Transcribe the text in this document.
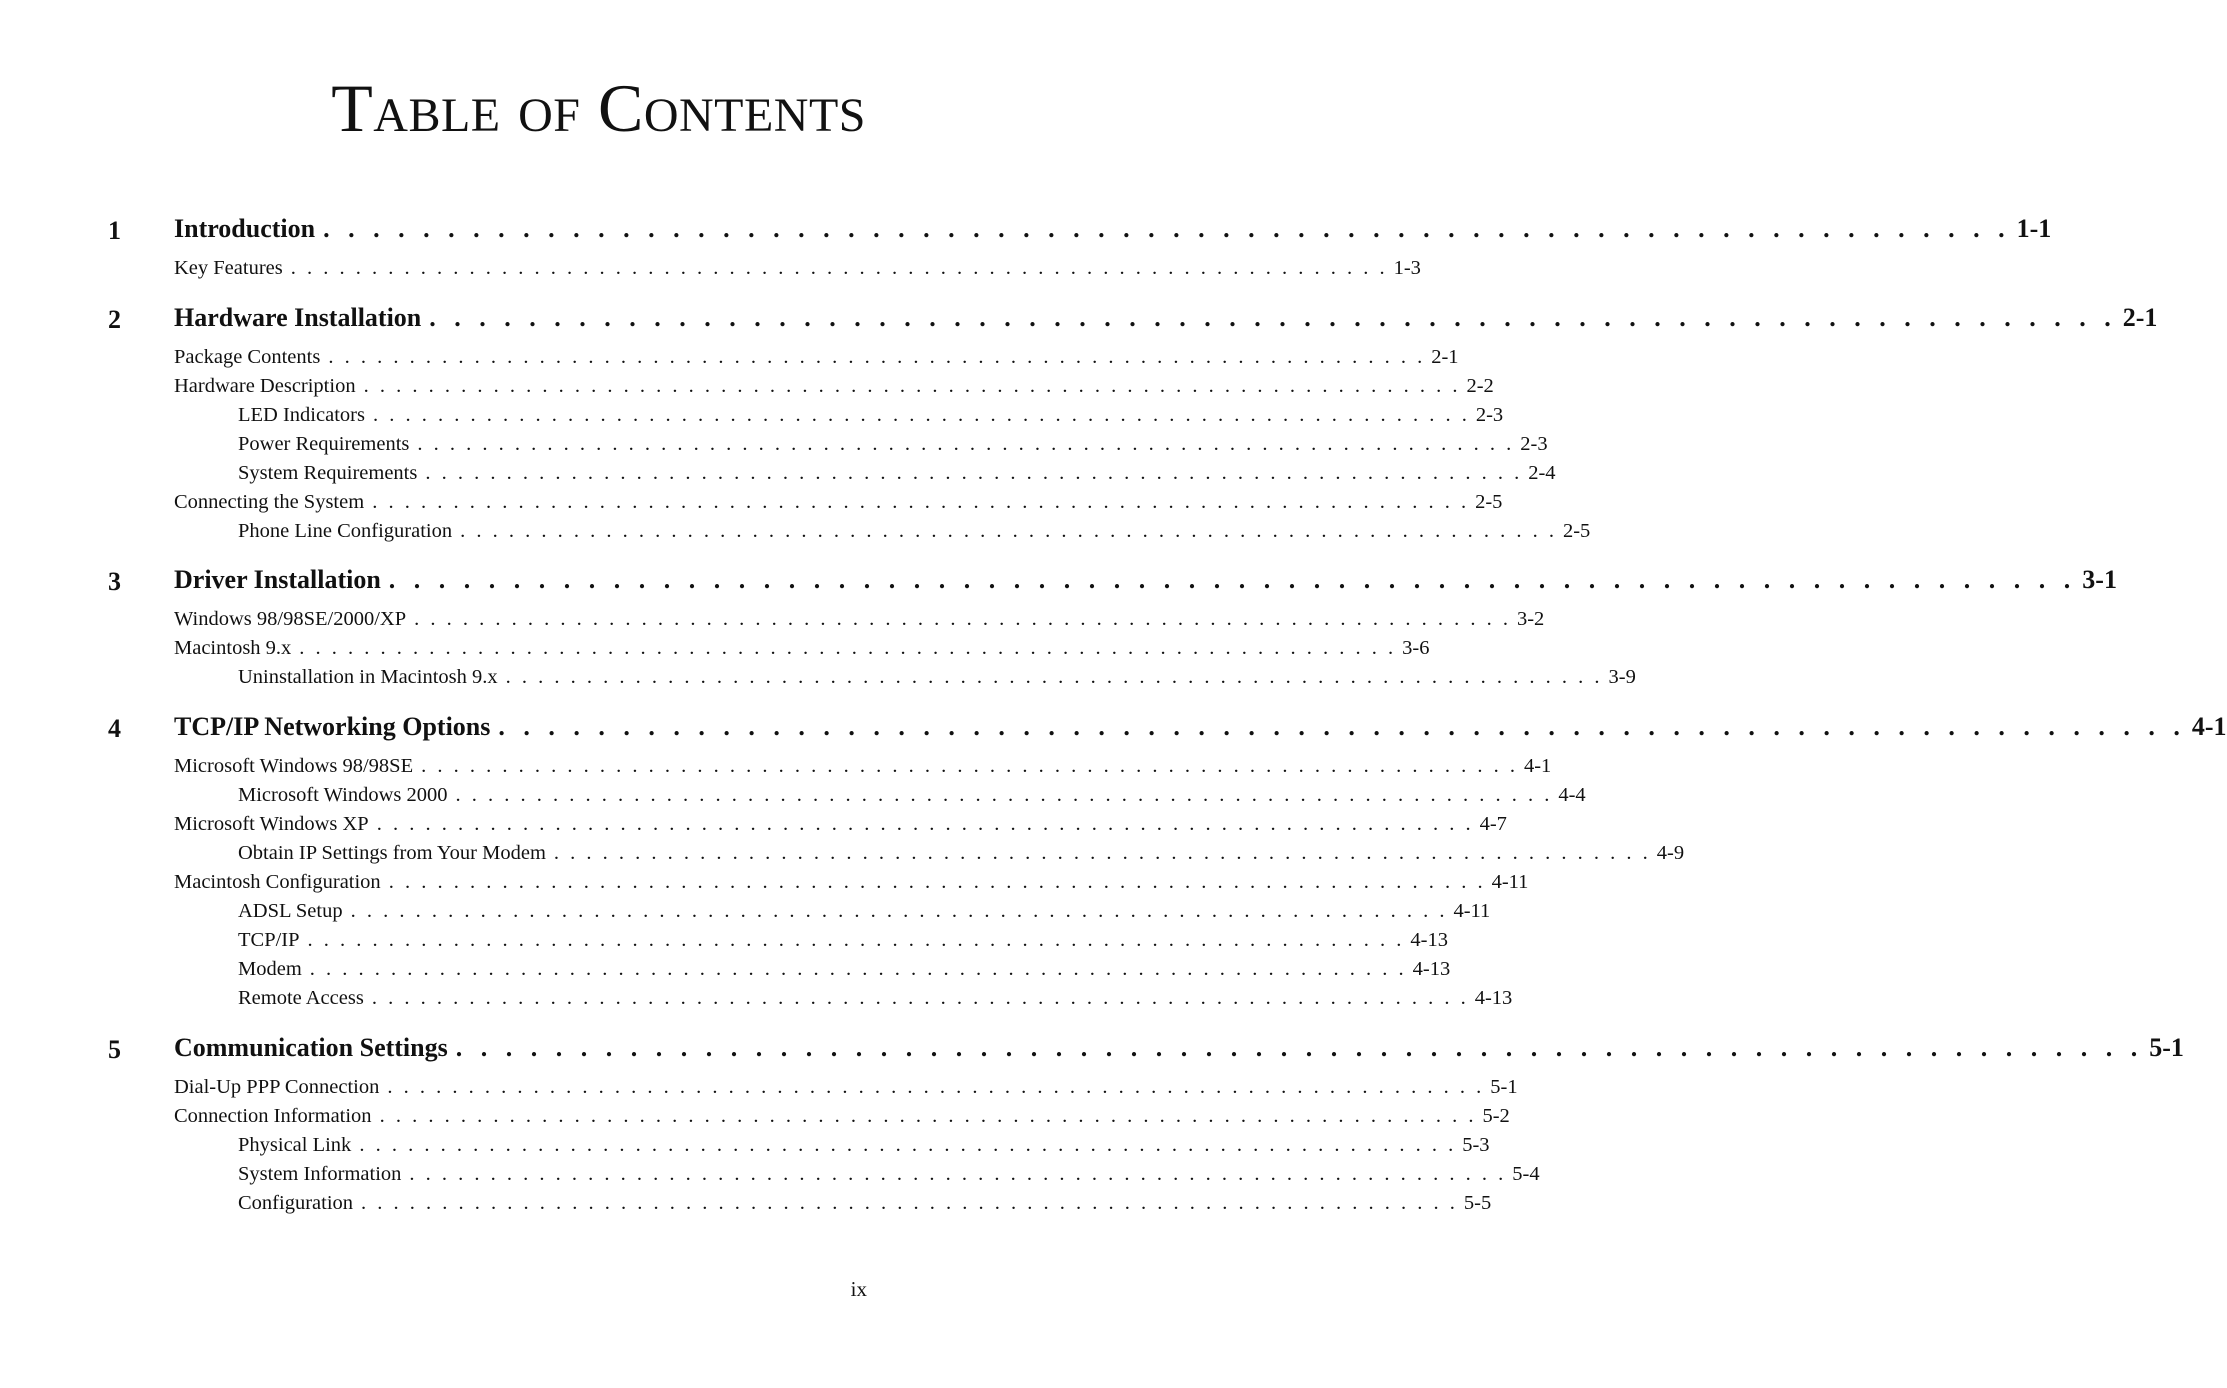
Table of Contents
1 Introduction . . . . . . . . . . . . . . . . . . . . . . . . . . . . . . . . . . . . . . . . . . . . . . . . . . . . . . . . . . . . . . . . . . . . 1-1
Key Features . . . . . . . . . . . . . . . . . . . . . . . . . . . . . . . . . . . . . . . . . . . . . . . . . . . . . . . . . . . . . . . . . . . . 1-3
2 Hardware Installation . . . . . . . . . . . . . . . . . . . . . . . . . . . . . . . . . . . . . . . . . . . . . . . . . . . . . . . . . . . . . . . . . . . . 2-1
Package Contents . . . . . . . . . . . . . . . . . . . . . . . . . . . . . . . . . . . . . . . . . . . . . . . . . . . . . . . . . . . . . . . . . . . . 2-1
Hardware Description . . . . . . . . . . . . . . . . . . . . . . . . . . . . . . . . . . . . . . . . . . . . . . . . . . . . . . . . . . . . . . . . . . . . 2-2
LED Indicators . . . . . . . . . . . . . . . . . . . . . . . . . . . . . . . . . . . . . . . . . . . . . . . . . . . . . . . . . . . . . . . . . . . . 2-3
Power Requirements . . . . . . . . . . . . . . . . . . . . . . . . . . . . . . . . . . . . . . . . . . . . . . . . . . . . . . . . . . . . . . . . . . . . 2-3
System Requirements . . . . . . . . . . . . . . . . . . . . . . . . . . . . . . . . . . . . . . . . . . . . . . . . . . . . . . . . . . . . . . . . . . . . 2-4
Connecting the System . . . . . . . . . . . . . . . . . . . . . . . . . . . . . . . . . . . . . . . . . . . . . . . . . . . . . . . . . . . . . . . . . . . . 2-5
Phone Line Configuration . . . . . . . . . . . . . . . . . . . . . . . . . . . . . . . . . . . . . . . . . . . . . . . . . . . . . . . . . . . . . . . . . . . . 2-5
3 Driver Installation . . . . . . . . . . . . . . . . . . . . . . . . . . . . . . . . . . . . . . . . . . . . . . . . . . . . . . . . . . . . . . . . . . . . 3-1
Windows 98/98SE/2000/XP . . . . . . . . . . . . . . . . . . . . . . . . . . . . . . . . . . . . . . . . . . . . . . . . . . . . . . . . . . . . . . . . . . . . 3-2
Macintosh 9.x . . . . . . . . . . . . . . . . . . . . . . . . . . . . . . . . . . . . . . . . . . . . . . . . . . . . . . . . . . . . . . . . . . . . 3-6
Uninstallation in Macintosh 9.x . . . . . . . . . . . . . . . . . . . . . . . . . . . . . . . . . . . . . . . . . . . . . . . . . . . . . . . . . . . . . . . . . . . . 3-9
4 TCP/IP Networking Options . . . . . . . . . . . . . . . . . . . . . . . . . . . . . . . . . . . . . . . . . . . . . . . . . . . . . . . . . . . . . . . . . . . . 4-1
Microsoft Windows 98/98SE . . . . . . . . . . . . . . . . . . . . . . . . . . . . . . . . . . . . . . . . . . . . . . . . . . . . . . . . . . . . . . . . . . . . 4-1
Microsoft Windows 2000 . . . . . . . . . . . . . . . . . . . . . . . . . . . . . . . . . . . . . . . . . . . . . . . . . . . . . . . . . . . . . . . . . . . . 4-4
Microsoft Windows XP . . . . . . . . . . . . . . . . . . . . . . . . . . . . . . . . . . . . . . . . . . . . . . . . . . . . . . . . . . . . . . . . . . . . 4-7
Obtain IP Settings from Your Modem . . . . . . . . . . . . . . . . . . . . . . . . . . . . . . . . . . . . . . . . . . . . . . . . . . . . . . . . . . . . . . . . . . . . 4-9
Macintosh Configuration . . . . . . . . . . . . . . . . . . . . . . . . . . . . . . . . . . . . . . . . . . . . . . . . . . . . . . . . . . . . . . . . . . . . 4-11
ADSL Setup . . . . . . . . . . . . . . . . . . . . . . . . . . . . . . . . . . . . . . . . . . . . . . . . . . . . . . . . . . . . . . . . . . . . 4-11
TCP/IP . . . . . . . . . . . . . . . . . . . . . . . . . . . . . . . . . . . . . . . . . . . . . . . . . . . . . . . . . . . . . . . . . . . . 4-13
Modem . . . . . . . . . . . . . . . . . . . . . . . . . . . . . . . . . . . . . . . . . . . . . . . . . . . . . . . . . . . . . . . . . . . . 4-13
Remote Access . . . . . . . . . . . . . . . . . . . . . . . . . . . . . . . . . . . . . . . . . . . . . . . . . . . . . . . . . . . . . . . . . . . . 4-13
5 Communication Settings . . . . . . . . . . . . . . . . . . . . . . . . . . . . . . . . . . . . . . . . . . . . . . . . . . . . . . . . . . . . . . . . . . . . 5-1
Dial-Up PPP Connection . . . . . . . . . . . . . . . . . . . . . . . . . . . . . . . . . . . . . . . . . . . . . . . . . . . . . . . . . . . . . . . . . . . . 5-1
Connection Information . . . . . . . . . . . . . . . . . . . . . . . . . . . . . . . . . . . . . . . . . . . . . . . . . . . . . . . . . . . . . . . . . . . . 5-2
Physical Link . . . . . . . . . . . . . . . . . . . . . . . . . . . . . . . . . . . . . . . . . . . . . . . . . . . . . . . . . . . . . . . . . . . . 5-3
System Information . . . . . . . . . . . . . . . . . . . . . . . . . . . . . . . . . . . . . . . . . . . . . . . . . . . . . . . . . . . . . . . . . . . . 5-4
Configuration . . . . . . . . . . . . . . . . . . . . . . . . . . . . . . . . . . . . . . . . . . . . . . . . . . . . . . . . . . . . . . . . . . . . 5-5
ix
